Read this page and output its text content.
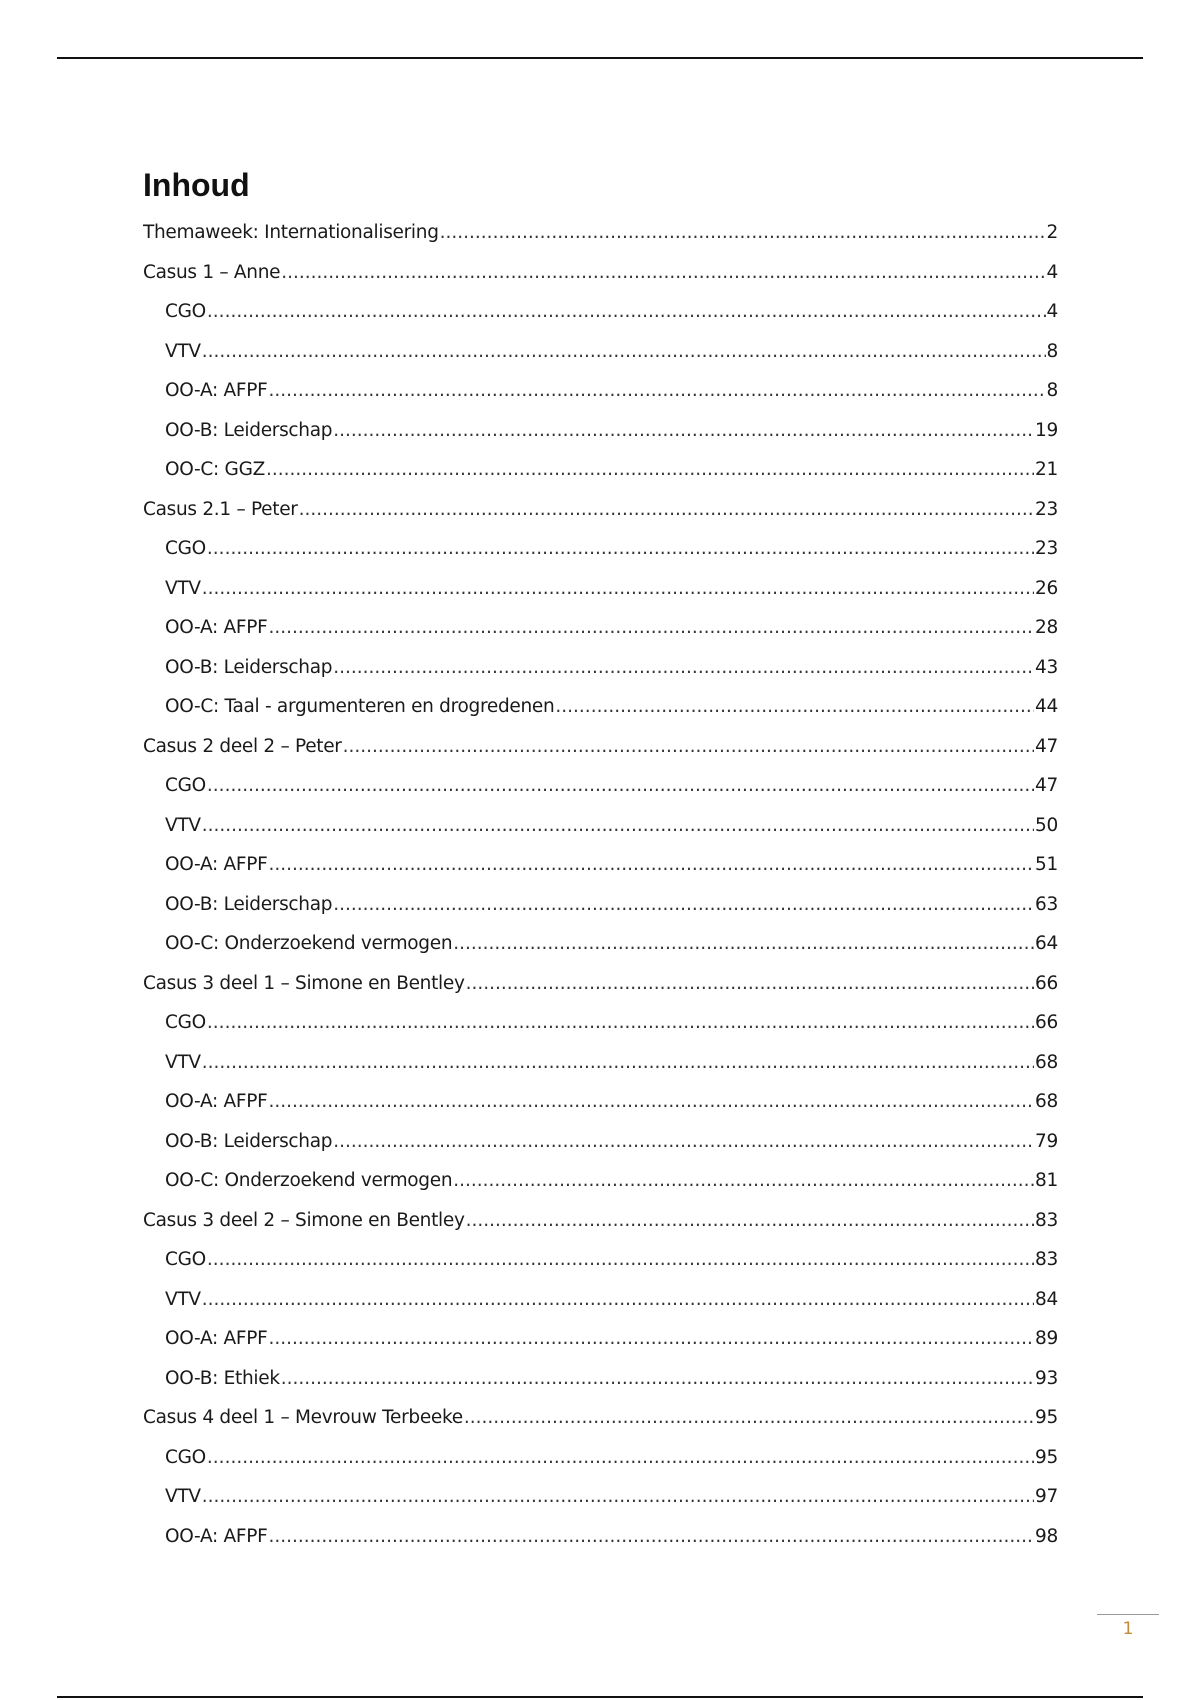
Inhoud
Themaweek: Internationalisering .....	2
Casus 1 – Anne .....	4
CGO .....	4
VTV .....	8
OO-A: AFPF .....	8
OO-B: Leiderschap .....	19
OO-C: GGZ .....	21
Casus 2.1 – Peter .....	23
CGO .....	23
VTV .....	26
OO-A: AFPF .....	28
OO-B: Leiderschap .....	43
OO-C: Taal - argumenteren en drogredenen .....	44
Casus 2 deel 2 – Peter .....	47
CGO .....	47
VTV .....	50
OO-A: AFPF .....	51
OO-B: Leiderschap .....	63
OO-C: Onderzoekend vermogen .....	64
Casus 3 deel 1 – Simone en Bentley .....	66
CGO .....	66
VTV .....	68
OO-A: AFPF .....	68
OO-B: Leiderschap .....	79
OO-C: Onderzoekend vermogen .....	81
Casus 3 deel 2 – Simone en Bentley .....	83
CGO .....	83
VTV .....	84
OO-A: AFPF .....	89
OO-B: Ethiek .....	93
Casus 4 deel 1 – Mevrouw Terbeeke .....	95
CGO .....	95
VTV .....	97
OO-A: AFPF .....	98
1
